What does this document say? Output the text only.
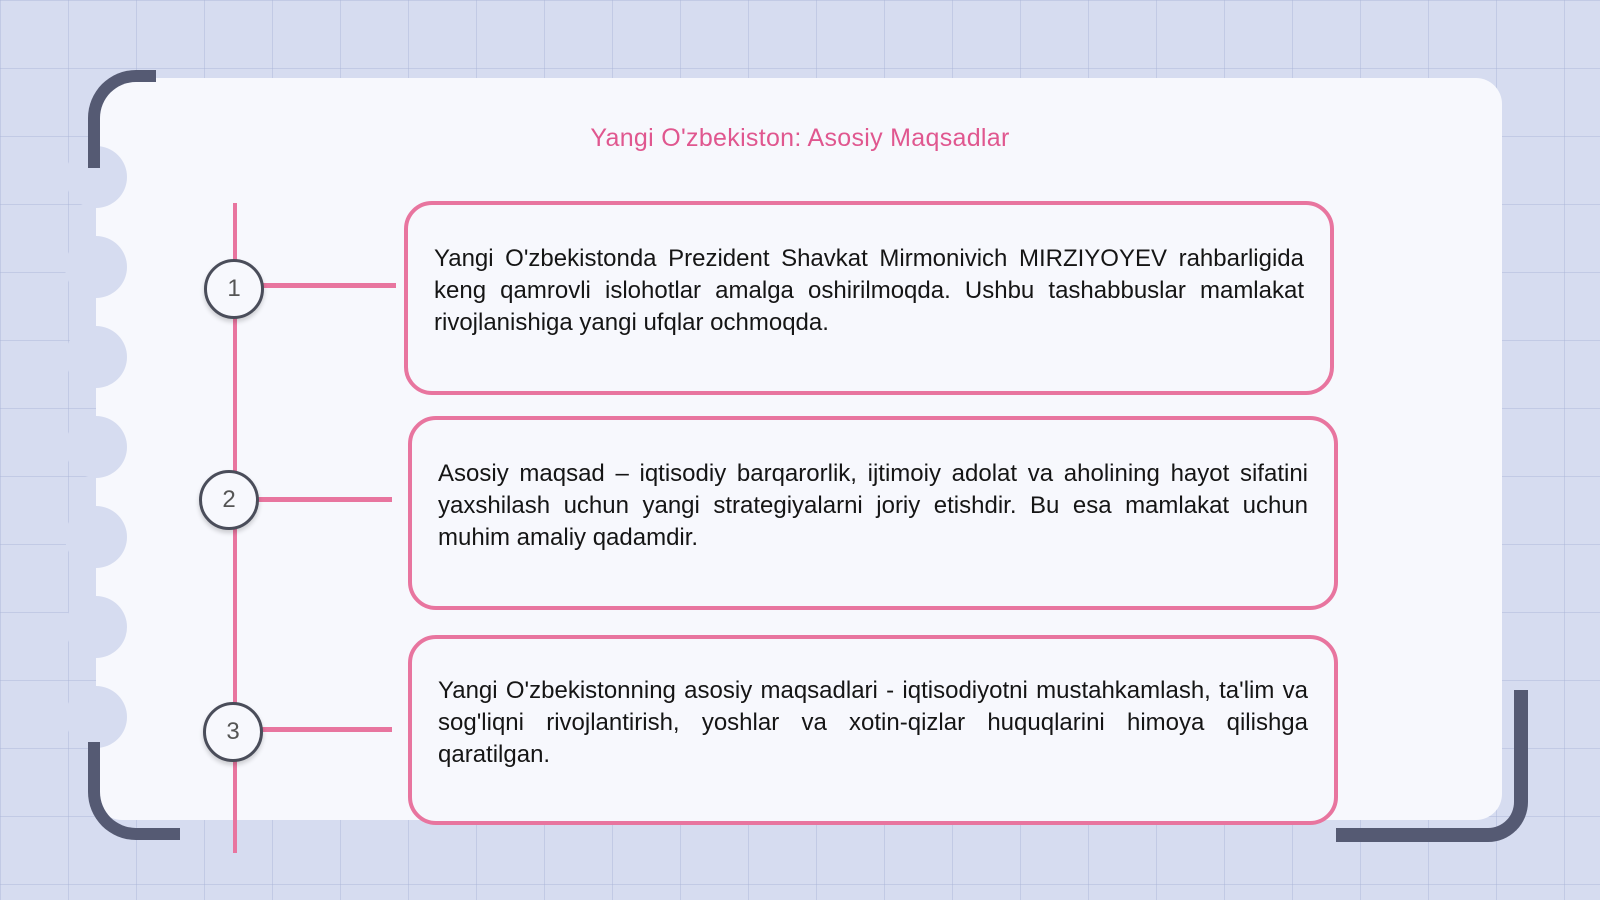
Yangi O'zbekiston: Asosiy Maqsadlar
Yangi O'zbekistonda Prezident Shavkat Mirmonivich MIRZIYOYEV rahbarligida keng qamrovli islohotlar amalga oshirilmoqda. Ushbu tashabbuslar mamlakat rivojlanishiga yangi ufqlar ochmoqda.
1
Asosiy maqsad – iqtisodiy barqarorlik, ijtimoiy adolat va aholining hayot sifatini yaxshilash uchun yangi strategiyalarni joriy etishdir. Bu esa mamlakat uchun muhim amaliy qadamdir.
2
Yangi O'zbekistonning asosiy maqsadlari - iqtisodiyotni mustahkamlash, ta'lim va sog'liqni rivojlantirish, yoshlar va xotin-qizlar huquqlarini himoya qilishga qaratilgan.
3
